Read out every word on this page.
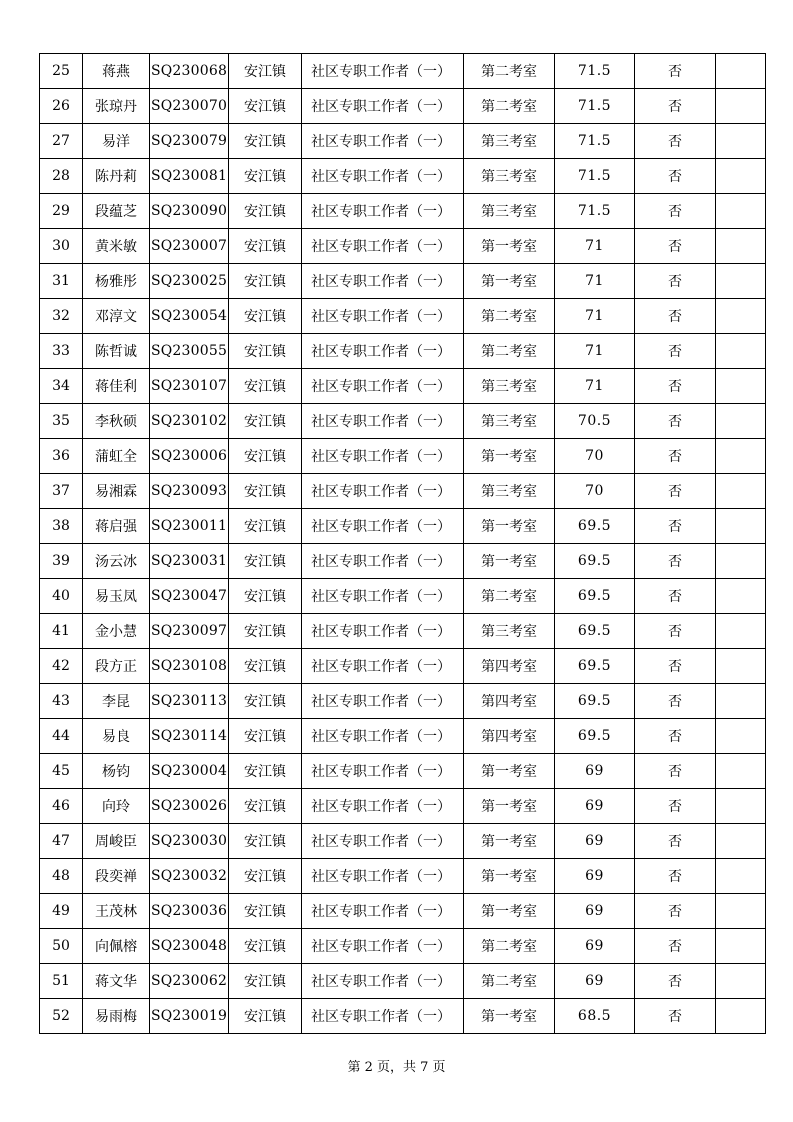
25	蒋燕	SQ230068	安江镇	社区专职工作者（一）	第二考室	71.5	否	
26	张琼丹	SQ230070	安江镇	社区专职工作者（一）	第二考室	71.5	否	
27	易洋	SQ230079	安江镇	社区专职工作者（一）	第三考室	71.5	否	
28	陈丹莉	SQ230081	安江镇	社区专职工作者（一）	第三考室	71.5	否	
29	段蕴芝	SQ230090	安江镇	社区专职工作者（一）	第三考室	71.5	否	
30	黄米敏	SQ230007	安江镇	社区专职工作者（一）	第一考室	71	否	
31	杨雅彤	SQ230025	安江镇	社区专职工作者（一）	第一考室	71	否	
32	邓淳文	SQ230054	安江镇	社区专职工作者（一）	第二考室	71	否	
33	陈哲诚	SQ230055	安江镇	社区专职工作者（一）	第二考室	71	否	
34	蒋佳利	SQ230107	安江镇	社区专职工作者（一）	第三考室	71	否	
35	李秋硕	SQ230102	安江镇	社区专职工作者（一）	第三考室	70.5	否	
36	蒲虹全	SQ230006	安江镇	社区专职工作者（一）	第一考室	70	否	
37	易湘霖	SQ230093	安江镇	社区专职工作者（一）	第三考室	70	否	
38	蒋启强	SQ230011	安江镇	社区专职工作者（一）	第一考室	69.5	否	
39	汤云冰	SQ230031	安江镇	社区专职工作者（一）	第一考室	69.5	否	
40	易玉凤	SQ230047	安江镇	社区专职工作者（一）	第二考室	69.5	否	
41	金小慧	SQ230097	安江镇	社区专职工作者（一）	第三考室	69.5	否	
42	段方正	SQ230108	安江镇	社区专职工作者（一）	第四考室	69.5	否	
43	李昆	SQ230113	安江镇	社区专职工作者（一）	第四考室	69.5	否	
44	易良	SQ230114	安江镇	社区专职工作者（一）	第四考室	69.5	否	
45	杨钧	SQ230004	安江镇	社区专职工作者（一）	第一考室	69	否	
46	向玲	SQ230026	安江镇	社区专职工作者（一）	第一考室	69	否	
47	周峻臣	SQ230030	安江镇	社区专职工作者（一）	第一考室	69	否	
48	段奕禅	SQ230032	安江镇	社区专职工作者（一）	第一考室	69	否	
49	王茂林	SQ230036	安江镇	社区专职工作者（一）	第一考室	69	否	
50	向佩榕	SQ230048	安江镇	社区专职工作者（一）	第二考室	69	否	
51	蒋文华	SQ230062	安江镇	社区专职工作者（一）	第二考室	69	否	
52	易雨梅	SQ230019	安江镇	社区专职工作者（一）	第一考室	68.5	否	
第 2 页，共 7 页
